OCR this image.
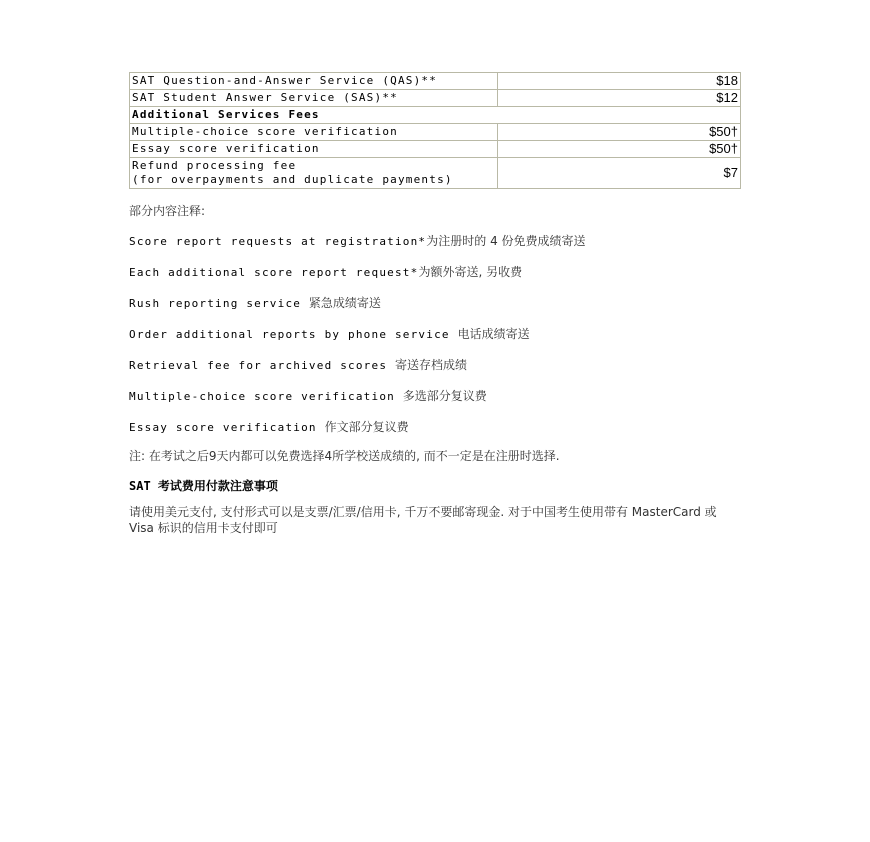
SAT Question-and-Answer Service (QAS)**	$18
SAT Student Answer Service (SAS)**	$12
Additional Services Fees	
Multiple-choice score verification	$50†
Essay score verification	$50†
Refund processing fee
(for overpayments and duplicate payments)	$7

部分内容注释:

Score report requests at registration*为注册时的 4 份免费成绩寄送

Each additional score report request*为额外寄送, 另收费

Rush reporting service 紧急成绩寄送

Order additional reports by phone service 电话成绩寄送

Retrieval fee for archived scores 寄送存档成绩

Multiple-choice score verification 多选部分复议费

Essay score verification 作文部分复议费

注: 在考试之后9天内都可以免费选择4所学校送成绩的, 而不一定是在注册时选择.

SAT 考试费用付款注意事项

请使用美元支付, 支付形式可以是支票/汇票/信用卡, 千万不要邮寄现金. 对于中国考生使用带有 MasterCard 或 Visa 标识的信用卡支付即可
